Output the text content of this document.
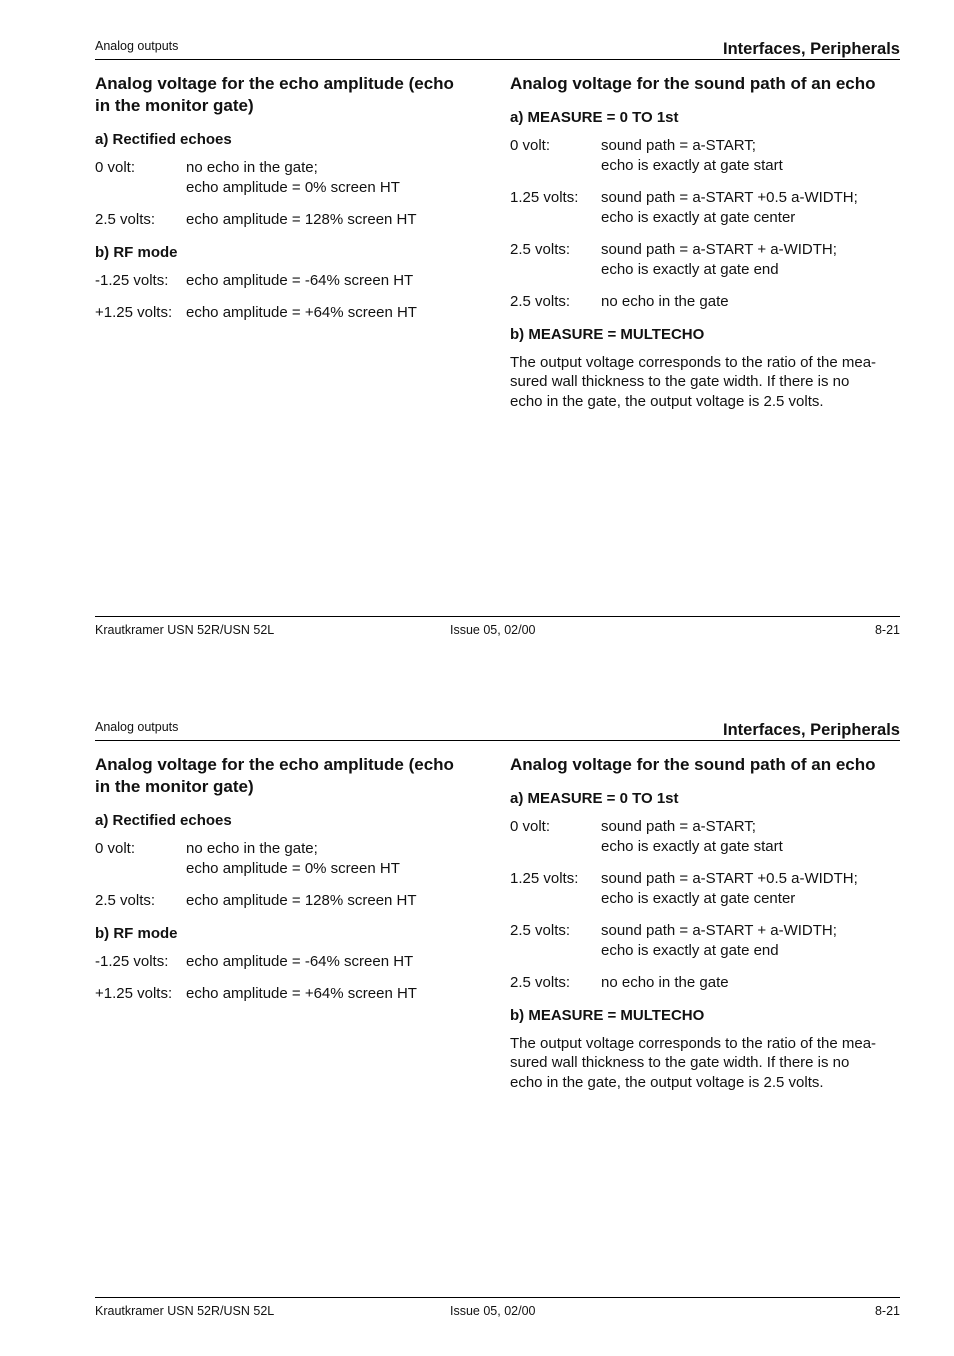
Analog outputs	Interfaces, Peripherals
Analog voltage for the echo amplitude (echo
in the monitor gate)
a) Rectified echoes
0 volt:	no echo in the gate;
echo amplitude = 0% screen HT
2.5 volts:	echo amplitude = 128% screen HT
b) RF mode
-1.25 volts:	echo amplitude = -64% screen HT
+1.25 volts: echo amplitude = +64% screen HT
Analog voltage for the sound path of an echo
a) MEASURE = 0 TO 1st
0 volt:	sound path = a-START;
echo is exactly at gate start
1.25 volts:	sound path = a-START +0.5 a-WIDTH;
echo is exactly at gate center
2.5 volts:	sound path = a-START + a-WIDTH;
echo is exactly at gate end
2.5 volts:	no echo in the gate
b) MEASURE = MULTECHO
The output voltage corresponds to the ratio of the mea-
sured wall thickness to the gate width. If there is no
echo in the gate, the output voltage is 2.5 volts.
Krautkramer USN 52R/USN 52L	Issue 05, 02/00	8-21
Analog outputs	Interfaces, Peripherals
Analog voltage for the echo amplitude (echo
in the monitor gate)
a) Rectified echoes
0 volt:	no echo in the gate;
echo amplitude = 0% screen HT
2.5 volts:	echo amplitude = 128% screen HT
b) RF mode
-1.25 volts:	echo amplitude = -64% screen HT
+1.25 volts: echo amplitude = +64% screen HT
Analog voltage for the sound path of an echo
a) MEASURE = 0 TO 1st
0 volt:	sound path = a-START;
echo is exactly at gate start
1.25 volts:	sound path = a-START +0.5 a-WIDTH;
echo is exactly at gate center
2.5 volts:	sound path = a-START + a-WIDTH;
echo is exactly at gate end
2.5 volts:	no echo in the gate
b) MEASURE = MULTECHO
The output voltage corresponds to the ratio of the mea-
sured wall thickness to the gate width. If there is no
echo in the gate, the output voltage is 2.5 volts.
Krautkramer USN 52R/USN 52L	Issue 05, 02/00	8-21
